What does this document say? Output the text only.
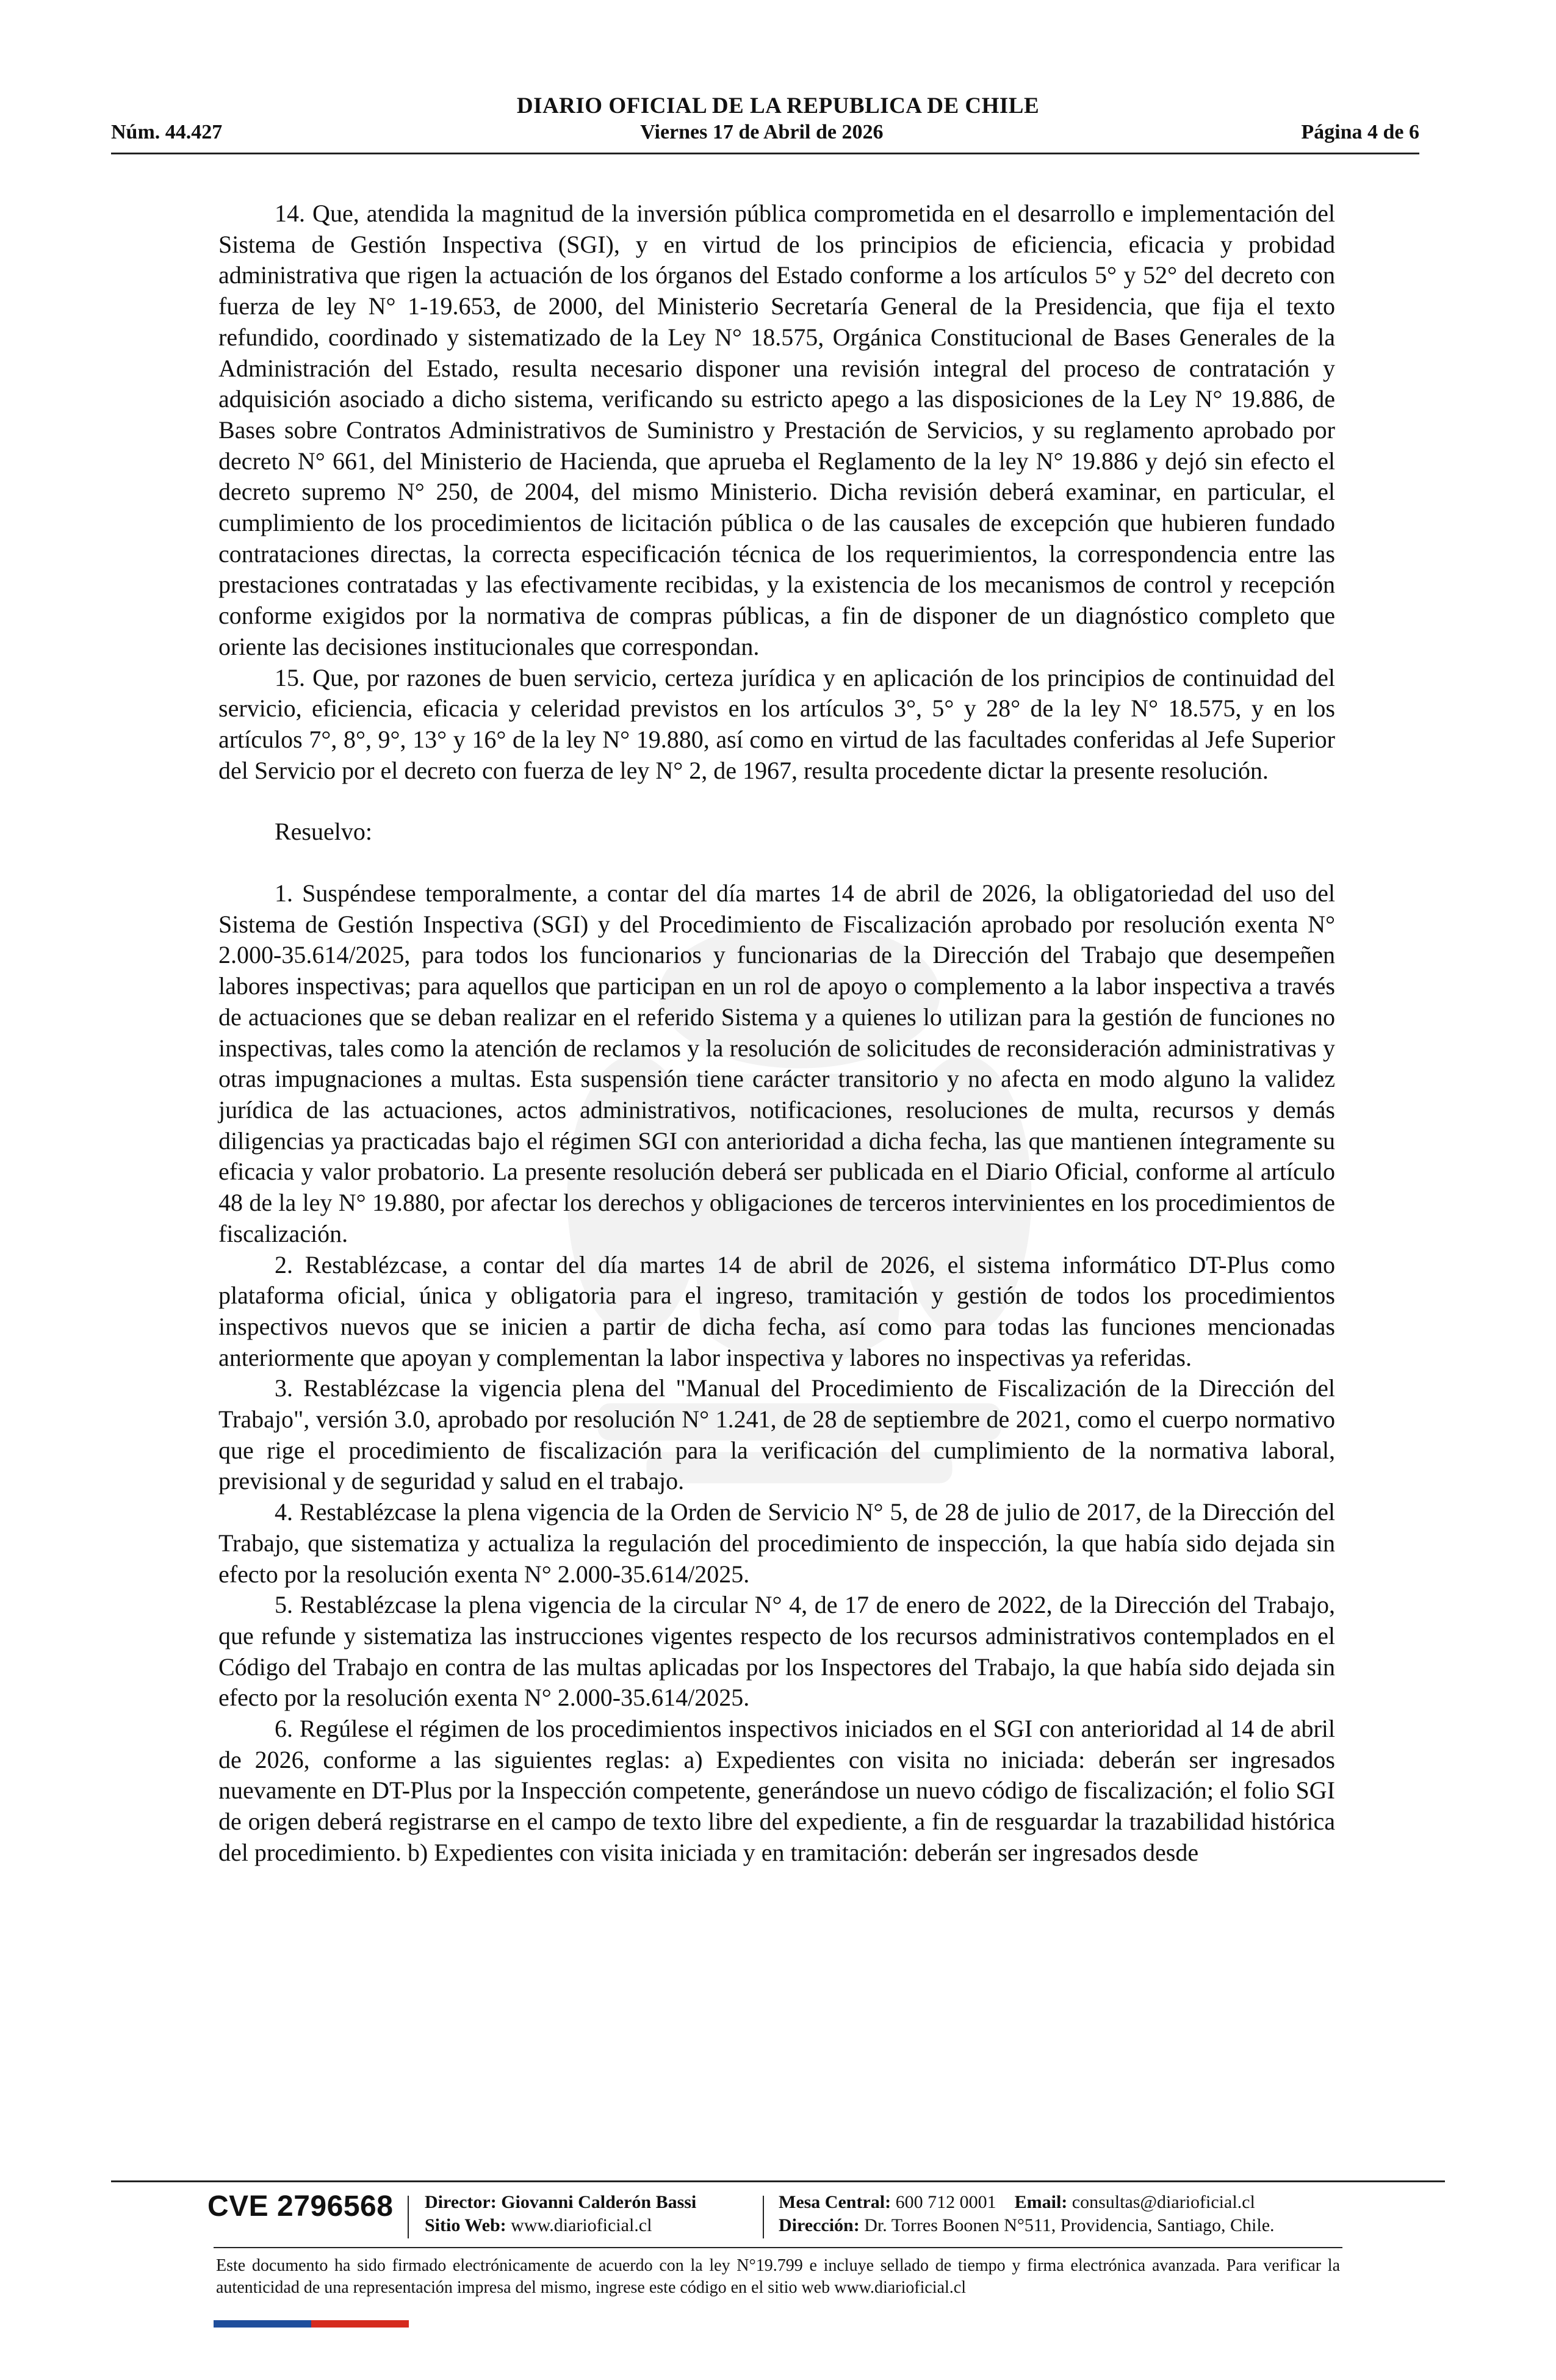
DIARIO OFICIAL DE LA REPUBLICA DE CHILE
Núm. 44.427	Viernes 17 de Abril de 2026	Página 4 de 6

14. Que, atendida la magnitud de la inversión pública comprometida en el desarrollo e implementación del Sistema de Gestión Inspectiva (SGI), y en virtud de los principios de eficiencia, eficacia y probidad administrativa que rigen la actuación de los órganos del Estado conforme a los artículos 5° y 52° del decreto con fuerza de ley N° 1-19.653, de 2000, del Ministerio Secretaría General de la Presidencia, que fija el texto refundido, coordinado y sistematizado de la Ley N° 18.575, Orgánica Constitucional de Bases Generales de la Administración del Estado, resulta necesario disponer una revisión integral del proceso de contratación y adquisición asociado a dicho sistema, verificando su estricto apego a las disposiciones de la Ley N° 19.886, de Bases sobre Contratos Administrativos de Suministro y Prestación de Servicios, y su reglamento aprobado por decreto N° 661, del Ministerio de Hacienda, que aprueba el Reglamento de la ley N° 19.886 y dejó sin efecto el decreto supremo N° 250, de 2004, del mismo Ministerio. Dicha revisión deberá examinar, en particular, el cumplimiento de los procedimientos de licitación pública o de las causales de excepción que hubieren fundado contrataciones directas, la correcta especificación técnica de los requerimientos, la correspondencia entre las prestaciones contratadas y las efectivamente recibidas, y la existencia de los mecanismos de control y recepción conforme exigidos por la normativa de compras públicas, a fin de disponer de un diagnóstico completo que oriente las decisiones institucionales que correspondan.

15. Que, por razones de buen servicio, certeza jurídica y en aplicación de los principios de continuidad del servicio, eficiencia, eficacia y celeridad previstos en los artículos 3°, 5° y 28° de la ley N° 18.575, y en los artículos 7°, 8°, 9°, 13° y 16° de la ley N° 19.880, así como en virtud de las facultades conferidas al Jefe Superior del Servicio por el decreto con fuerza de ley N° 2, de 1967, resulta procedente dictar la presente resolución.

Resuelvo:

1. Suspéndese temporalmente, a contar del día martes 14 de abril de 2026, la obligatoriedad del uso del Sistema de Gestión Inspectiva (SGI) y del Procedimiento de Fiscalización aprobado por resolución exenta N° 2.000-35.614/2025, para todos los funcionarios y funcionarias de la Dirección del Trabajo que desempeñen labores inspectivas; para aquellos que participan en un rol de apoyo o complemento a la labor inspectiva a través de actuaciones que se deban realizar en el referido Sistema y a quienes lo utilizan para la gestión de funciones no inspectivas, tales como la atención de reclamos y la resolución de solicitudes de reconsideración administrativas y otras impugnaciones a multas. Esta suspensión tiene carácter transitorio y no afecta en modo alguno la validez jurídica de las actuaciones, actos administrativos, notificaciones, resoluciones de multa, recursos y demás diligencias ya practicadas bajo el régimen SGI con anterioridad a dicha fecha, las que mantienen íntegramente su eficacia y valor probatorio. La presente resolución deberá ser publicada en el Diario Oficial, conforme al artículo 48 de la ley N° 19.880, por afectar los derechos y obligaciones de terceros intervinientes en los procedimientos de fiscalización.

2. Restablézcase, a contar del día martes 14 de abril de 2026, el sistema informático DT-Plus como plataforma oficial, única y obligatoria para el ingreso, tramitación y gestión de todos los procedimientos inspectivos nuevos que se inicien a partir de dicha fecha, así como para todas las funciones mencionadas anteriormente que apoyan y complementan la labor inspectiva y labores no inspectivas ya referidas.

3. Restablézcase la vigencia plena del "Manual del Procedimiento de Fiscalización de la Dirección del Trabajo", versión 3.0, aprobado por resolución N° 1.241, de 28 de septiembre de 2021, como el cuerpo normativo que rige el procedimiento de fiscalización para la verificación del cumplimiento de la normativa laboral, previsional y de seguridad y salud en el trabajo.

4. Restablézcase la plena vigencia de la Orden de Servicio N° 5, de 28 de julio de 2017, de la Dirección del Trabajo, que sistematiza y actualiza la regulación del procedimiento de inspección, la que había sido dejada sin efecto por la resolución exenta N° 2.000-35.614/2025.

5. Restablézcase la plena vigencia de la circular N° 4, de 17 de enero de 2022, de la Dirección del Trabajo, que refunde y sistematiza las instrucciones vigentes respecto de los recursos administrativos contemplados en el Código del Trabajo en contra de las multas aplicadas por los Inspectores del Trabajo, la que había sido dejada sin efecto por la resolución exenta N° 2.000-35.614/2025.

6. Regúlese el régimen de los procedimientos inspectivos iniciados en el SGI con anterioridad al 14 de abril de 2026, conforme a las siguientes reglas: a) Expedientes con visita no iniciada: deberán ser ingresados nuevamente en DT-Plus por la Inspección competente, generándose un nuevo código de fiscalización; el folio SGI de origen deberá registrarse en el campo de texto libre del expediente, a fin de resguardar la trazabilidad histórica del procedimiento. b) Expedientes con visita iniciada y en tramitación: deberán ser ingresados desde

CVE 2796568 Director: Giovanni Calderón Bassi
Sitio Web: www.diarioficial.cl
Mesa Central: 600 712 0001 Email: consultas@diarioficial.cl
Dirección: Dr. Torres Boonen N°511, Providencia, Santiago, Chile.
Este documento ha sido firmado electrónicamente de acuerdo con la ley N°19.799 e incluye sellado de tiempo y firma electrónica avanzada. Para verificar la autenticidad de una representación impresa del mismo, ingrese este código en el sitio web www.diarioficial.cl
